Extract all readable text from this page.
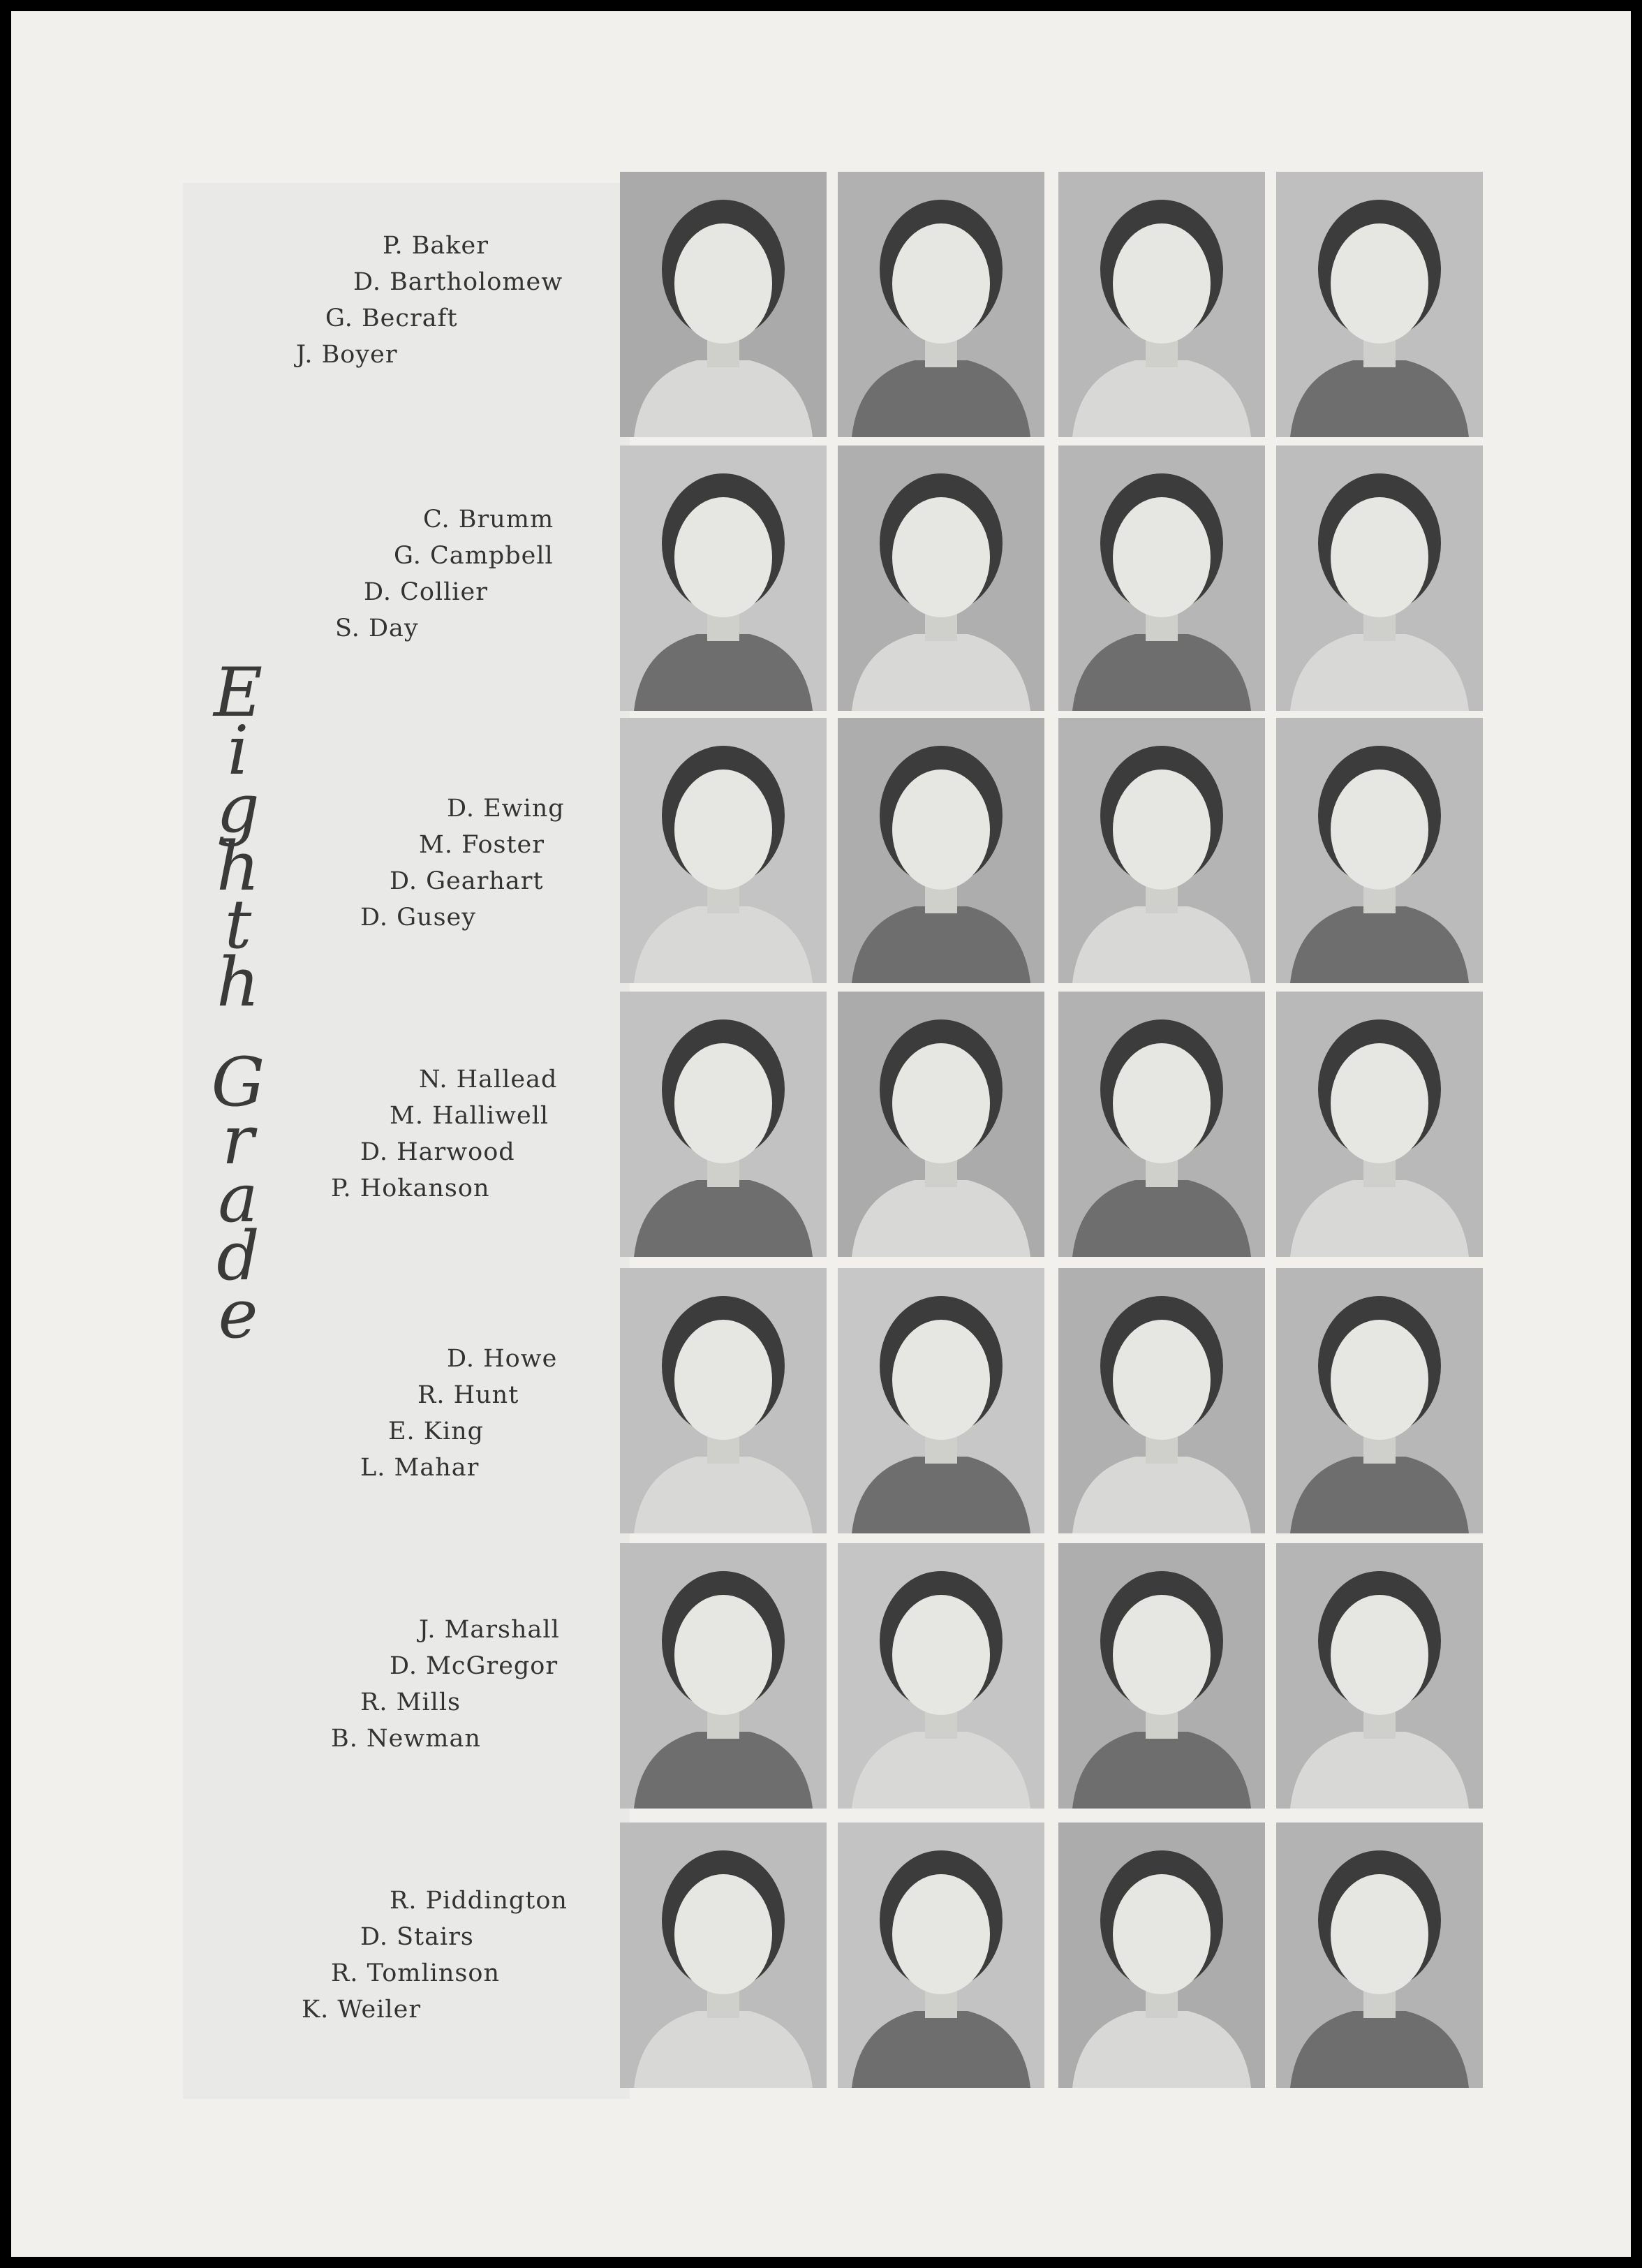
E
i
g
h
t
h
G
r
a
d
e
P. Baker
D. Bartholomew
G. Becraft
J. Boyer
C. Brumm
G. Campbell
D. Collier
S. Day
D. Ewing
M. Foster
D. Gearhart
D. Gusey
N. Hallead
M. Halliwell
D. Harwood
P. Hokanson
D. Howe
R. Hunt
E. King
L. Mahar
J. Marshall
D. McGregor
R. Mills
B. Newman
R. Piddington
D. Stairs
R. Tomlinson
K. Weiler
